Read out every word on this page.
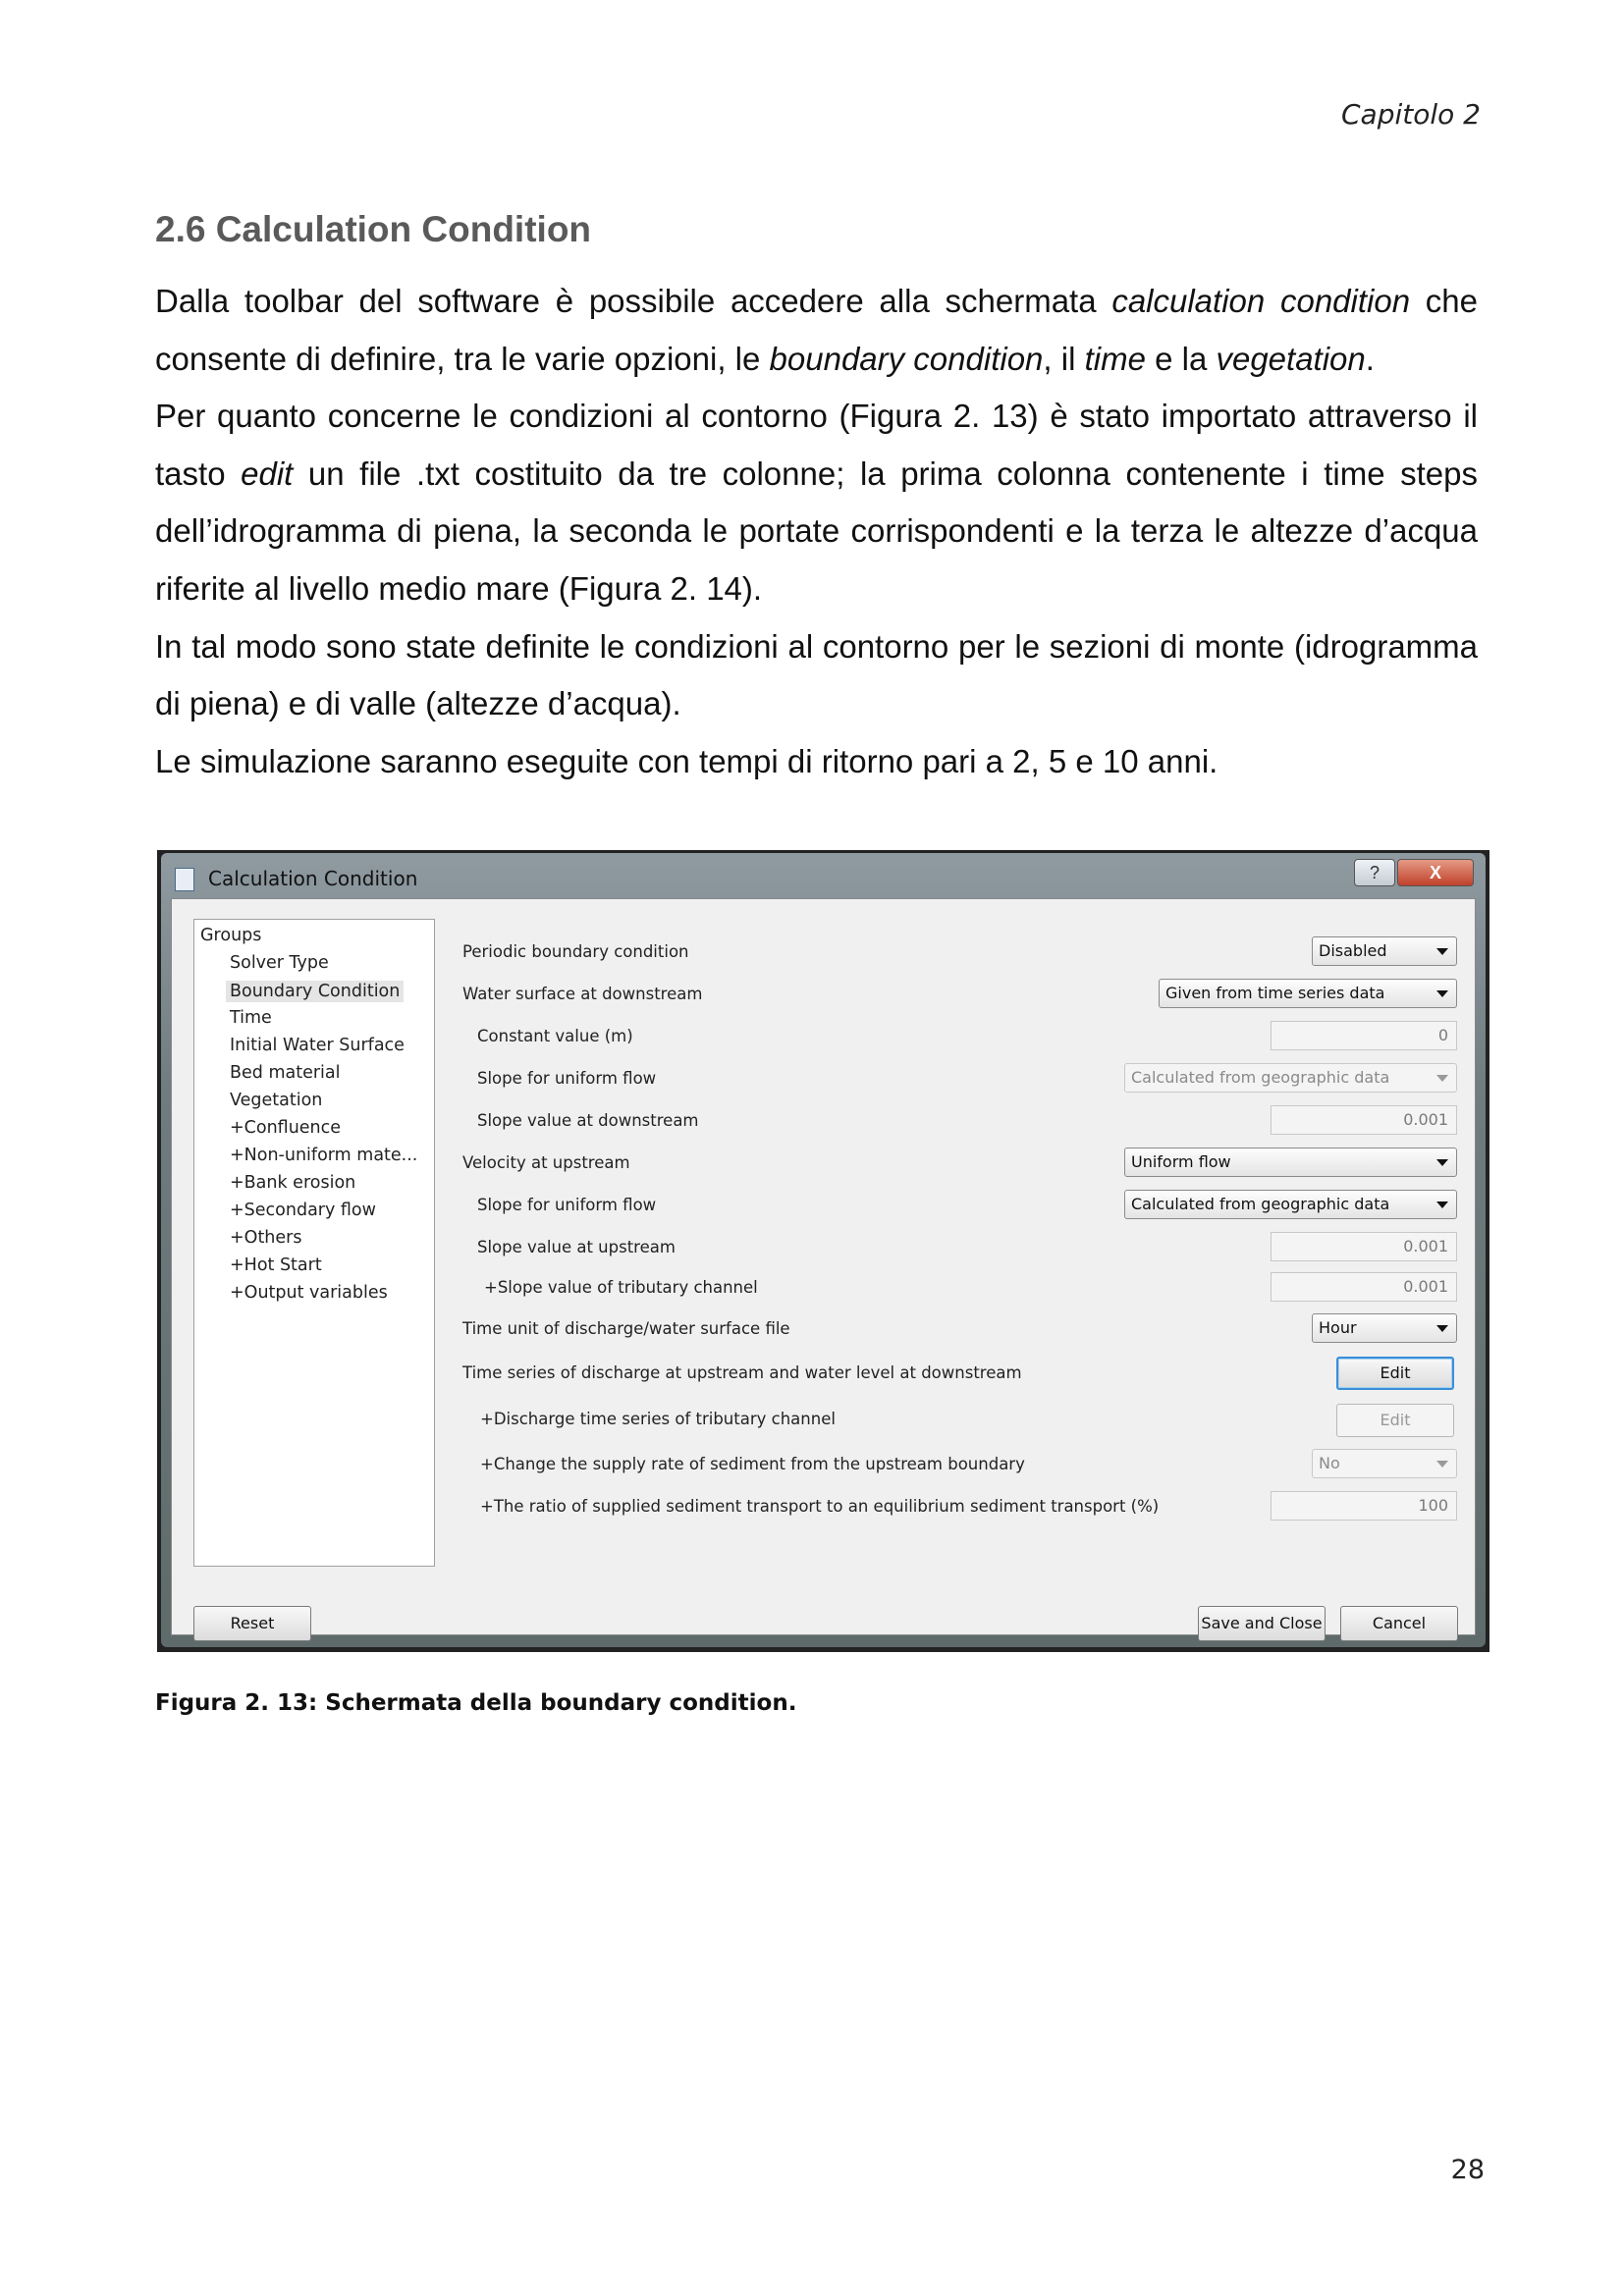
Capitolo 2
2.6 Calculation Condition

Dalla toolbar del software è possibile accedere alla schermata calculation condition che consente di definire, tra le varie opzioni, le boundary condition, il time e la vegetation.

Per quanto concerne le condizioni al contorno (Figura 2. 13) è stato importato attraverso il tasto edit un file .txt costituito da tre colonne; la prima colonna contenente i time steps dell’idrogramma di piena, la seconda le portate corrispondenti e la terza le altezze d’acqua riferite al livello medio mare (Figura 2. 14).

In tal modo sono state definite le condizioni al contorno per le sezioni di monte (idrogramma di piena) e di valle (altezze d’acqua).

Le simulazione saranno eseguite con tempi di ritorno pari a 2, 5 e 10 anni.

Calculation Condition	?	X
Groups
Solver Type
Boundary Condition
Time
Initial Water Surface
Bed material
Vegetation
+Confluence
+Non-uniform mate...
+Bank erosion
+Secondary flow
+Others
+Hot Start
+Output variables
Periodic boundary condition	Disabled
Water surface at downstream	Given from time series data
Constant value (m)	0
Slope for uniform flow	Calculated from geographic data
Slope value at downstream	0.001
Velocity at upstream	Uniform flow
Slope for uniform flow	Calculated from geographic data
Slope value at upstream	0.001
+Slope value of tributary channel	0.001
Time unit of discharge/water surface file	Hour
Time series of discharge at upstream and water level at downstream	Edit
+Discharge time series of tributary channel	Edit
+Change the supply rate of sediment from the upstream boundary	No
+The ratio of supplied sediment transport to an equilibrium sediment transport (%)	100
Reset	Save and Close	Cancel
Figura 2. 13: Schermata della boundary condition.
28
